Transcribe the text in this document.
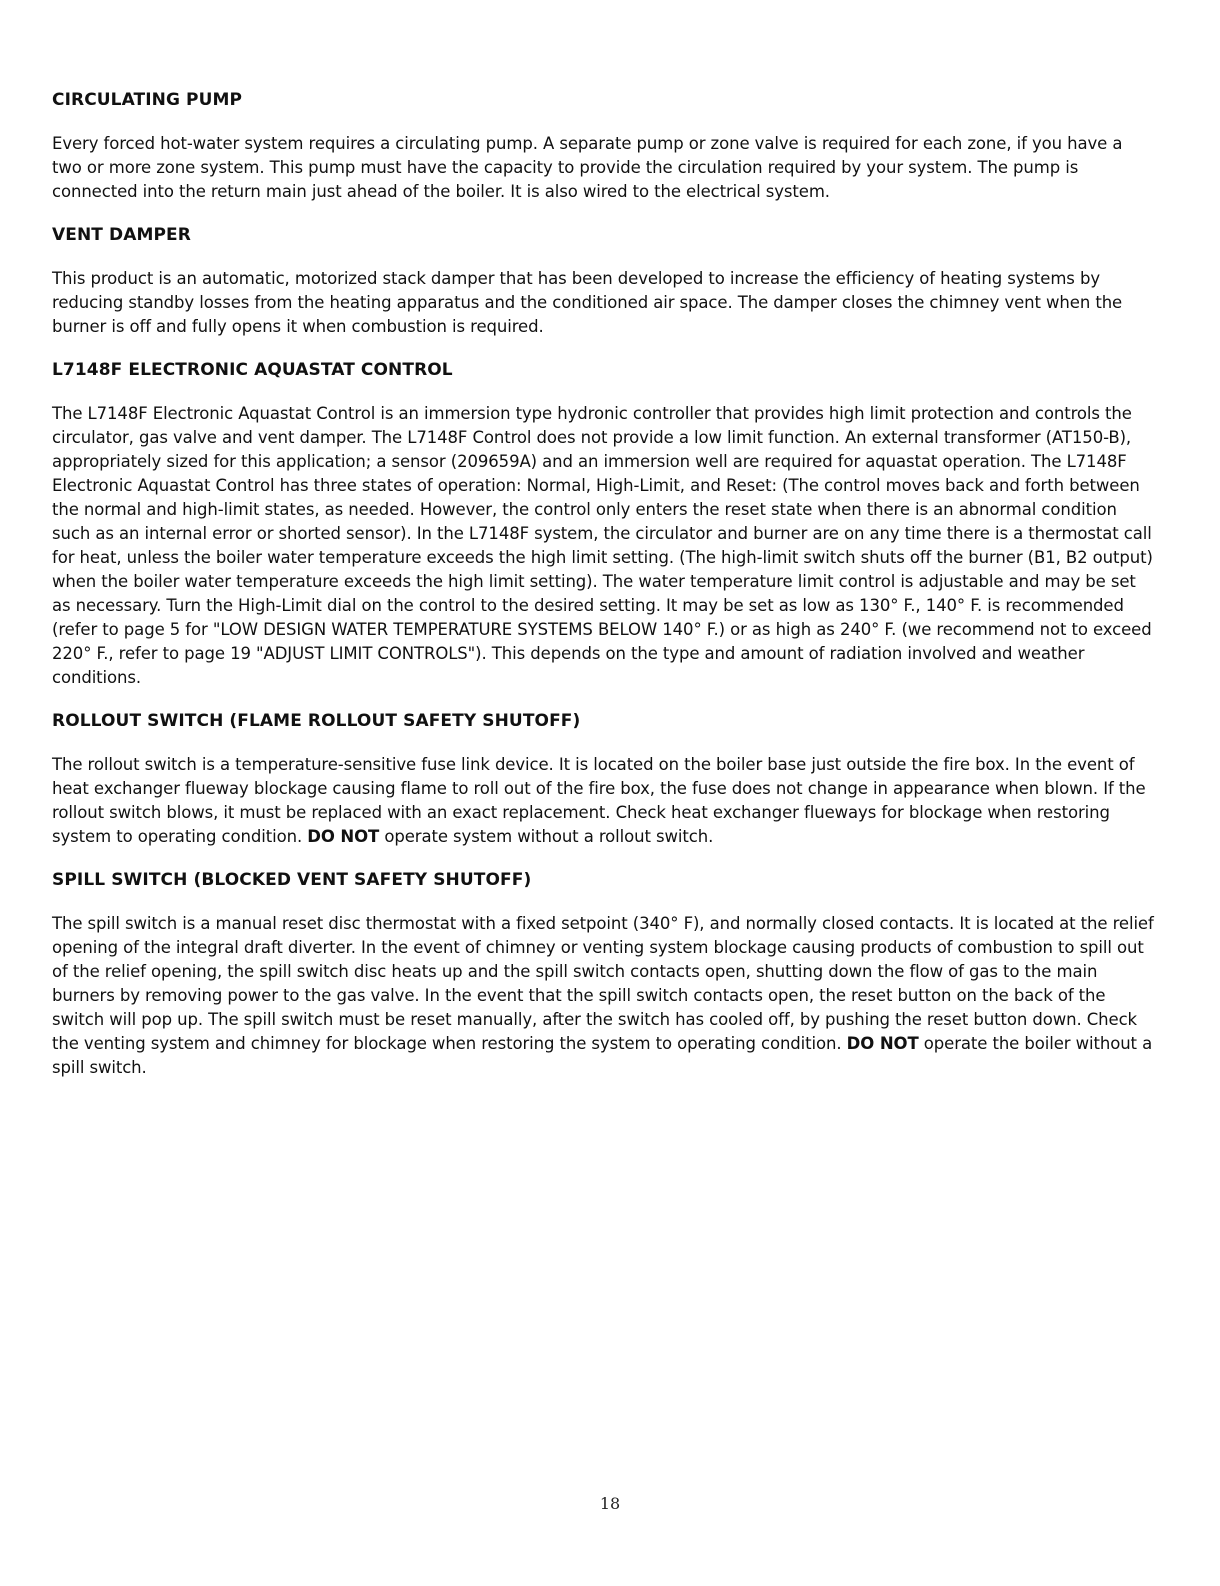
CIRCULATING PUMP

Every forced hot-water system requires a circulating pump. A separate pump or zone valve is required for each zone, if you have a two or more zone system. This pump must have the capacity to provide the circulation required by your system. The pump is connected into the return main just ahead of the boiler. It is also wired to the electrical system.

VENT DAMPER

This product is an automatic, motorized stack damper that has been developed to increase the efficiency of heating systems by reducing standby losses from the heating apparatus and the conditioned air space. The damper closes the chimney vent when the burner is off and fully opens it when combustion is required.

L7148F ELECTRONIC AQUASTAT CONTROL

The L7148F Electronic Aquastat Control is an immersion type hydronic controller that provides high limit protection and controls the circulator, gas valve and vent damper. The L7148F Control does not provide a low limit function. An external transformer (AT150-B), appropriately sized for this application; a sensor (209659A) and an immersion well are required for aquastat operation. The L7148F Electronic Aquastat Control has three states of operation: Normal, High-Limit, and Reset: (The control moves back and forth between the normal and high-limit states, as needed. However, the control only enters the reset state when there is an abnormal condition such as an internal error or shorted sensor). In the L7148F system, the circulator and burner are on any time there is a thermostat call for heat, unless the boiler water temperature exceeds the high limit setting. (The high-limit switch shuts off the burner (B1, B2 output) when the boiler water temperature exceeds the high limit setting). The water temperature limit control is adjustable and may be set as necessary. Turn the High-Limit dial on the control to the desired setting. It may be set as low as 130° F., 140° F. is recommended (refer to page 5 for "LOW DESIGN WATER TEMPERATURE SYSTEMS BELOW 140° F.) or as high as 240° F. (we recommend not to exceed 220° F., refer to page 19 "ADJUST LIMIT CONTROLS"). This depends on the type and amount of radiation involved and weather conditions.

ROLLOUT SWITCH (FLAME ROLLOUT SAFETY SHUTOFF)

The rollout switch is a temperature-sensitive fuse link device. It is located on the boiler base just outside the fire box. In the event of heat exchanger flueway blockage causing flame to roll out of the fire box, the fuse does not change in appearance when blown. If the rollout switch blows, it must be replaced with an exact replacement. Check heat exchanger flueways for blockage when restoring system to operating condition. DO NOT operate system without a rollout switch.

SPILL SWITCH (BLOCKED VENT SAFETY SHUTOFF)

The spill switch is a manual reset disc thermostat with a fixed setpoint (340° F), and normally closed contacts. It is located at the relief opening of the integral draft diverter. In the event of chimney or venting system blockage causing products of combustion to spill out of the relief opening, the spill switch disc heats up and the spill switch contacts open, shutting down the flow of gas to the main burners by removing power to the gas valve. In the event that the spill switch contacts open, the reset button on the back of the switch will pop up. The spill switch must be reset manually, after the switch has cooled off, by pushing the reset button down. Check the venting system and chimney for blockage when restoring the system to operating condition. DO NOT operate the boiler without a spill switch.

18
